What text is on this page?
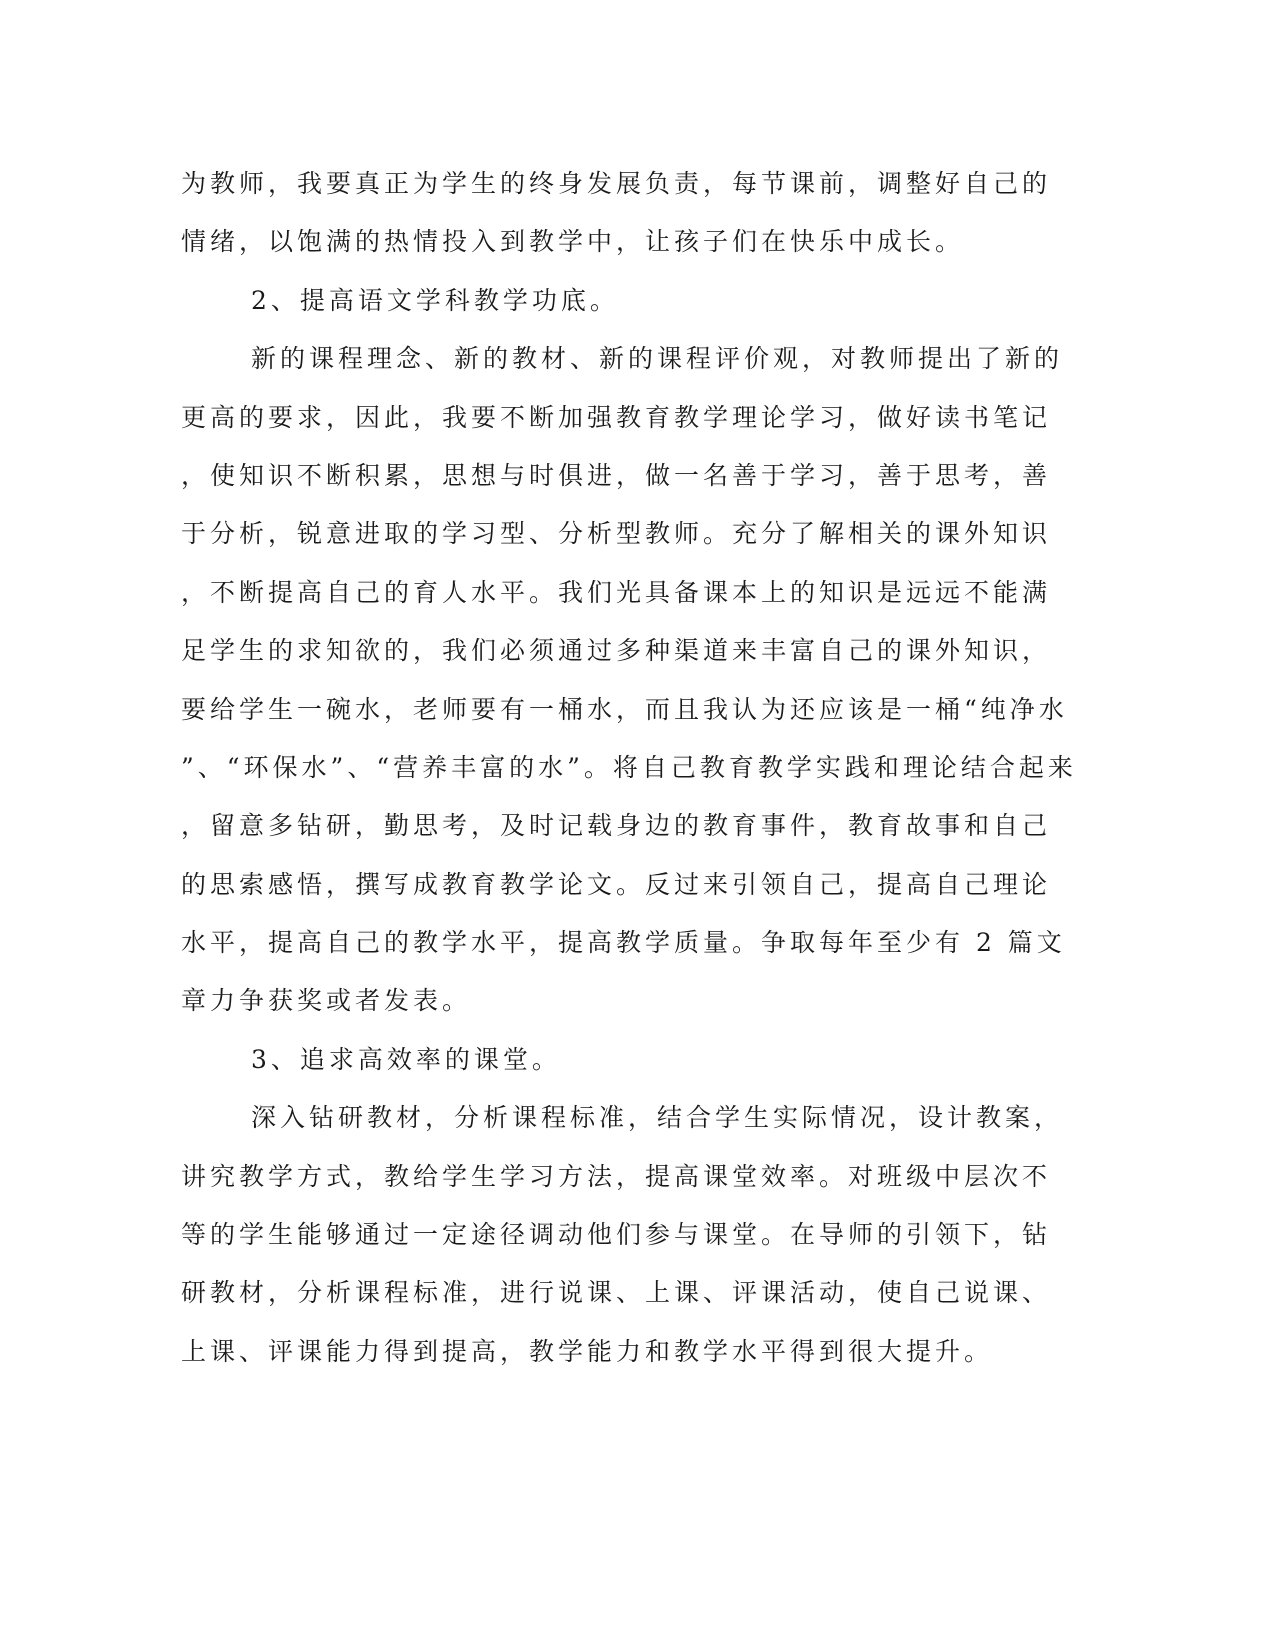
为教师，我要真正为学生的终身发展负责，每节课前，调整好自己的
情绪，以饱满的热情投入到教学中，让孩子们在快乐中成长。
2、提高语文学科教学功底。
新的课程理念、新的教材、新的课程评价观，对教师提出了新的
更高的要求，因此，我要不断加强教育教学理论学习，做好读书笔记
，使知识不断积累，思想与时俱进，做一名善于学习，善于思考，善
于分析，锐意进取的学习型、分析型教师。充分了解相关的课外知识
，不断提高自己的育人水平。我们光具备课本上的知识是远远不能满
足学生的求知欲的，我们必须通过多种渠道来丰富自己的课外知识，
要给学生一碗水，老师要有一桶水，而且我认为还应该是一桶“纯净水
”、“环保水”、“营养丰富的水”。将自己教育教学实践和理论结合起来
，留意多钻研，勤思考，及时记载身边的教育事件，教育故事和自己
的思索感悟，撰写成教育教学论文。反过来引领自己，提高自己理论
水平，提高自己的教学水平，提高教学质量。争取每年至少有 2 篇文
章力争获奖或者发表。
3、追求高效率的课堂。
深入钻研教材，分析课程标准，结合学生实际情况，设计教案，
讲究教学方式，教给学生学习方法，提高课堂效率。对班级中层次不
等的学生能够通过一定途径调动他们参与课堂。在导师的引领下，钻
研教材，分析课程标准，进行说课、上课、评课活动，使自己说课、
上课、评课能力得到提高，教学能力和教学水平得到很大提升。
